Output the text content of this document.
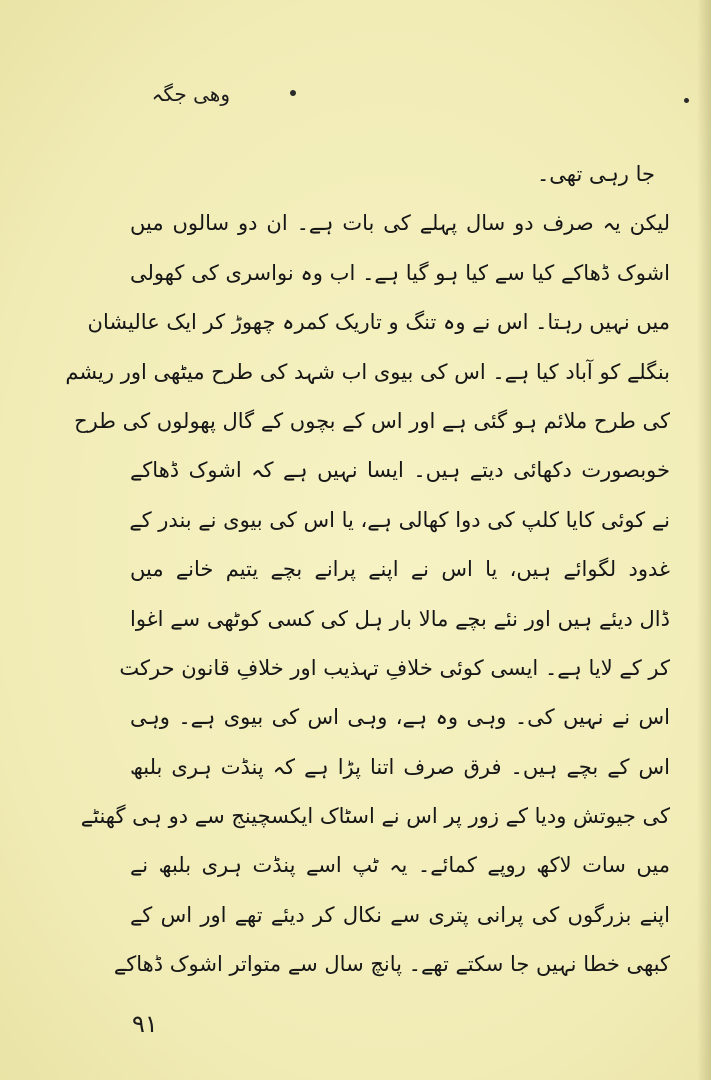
وھی جگہ
جا رہی تھی۔
لیکن یہ صرف دو سال پہلے کی بات ہے۔ ان دو سالوں میں
اشوک ڈھاکے کیا سے کیا ہو گیا ہے۔ اب وہ نواسری کی کھولی
میں نہیں رہتا۔ اس نے وہ تنگ و تاریک کمرہ چھوڑ کر ایک عالیشان
بنگلے کو آباد کیا ہے۔ اس کی بیوی اب شہد کی طرح میٹھی اور ریشم
کی طرح ملائم ہو گئی ہے اور اس کے بچوں کے گال پھولوں کی طرح
خوبصورت دکھائی دیتے ہیں۔ ایسا نہیں ہے کہ اشوک ڈھاکے
نے کوئی کایا کلپ کی دوا کھالی ہے، یا اس کی بیوی نے بندر کے
غدود لگوائے ہیں، یا اس نے اپنے پرانے بچے یتیم خانے میں
ڈال دیئے ہیں اور نئے بچے مالا بار ہل کی کسی کوٹھی سے اغوا
کر کے لایا ہے۔ ایسی کوئی خلافِ تہذیب اور خلافِ قانون حرکت
اس نے نہیں کی۔ وہی وہ ہے، وہی اس کی بیوی ہے۔ وہی
اس کے بچے ہیں۔ فرق صرف اتنا پڑا ہے کہ پنڈت ہری بلبھ
کی جیوتش ودیا کے زور پر اس نے اسٹاک ایکسچینج سے دو ہی گھنٹے
میں سات لاکھ روپے کمائے۔ یہ ٹپ اسے پنڈت ہری بلبھ نے
اپنے بزرگوں کی پرانی پتری سے نکال کر دیئے تھے اور اس کے
کبھی خطا نہیں جا سکتے تھے۔ پانچ سال سے متواتر اشوک ڈھاکے
۹۱
